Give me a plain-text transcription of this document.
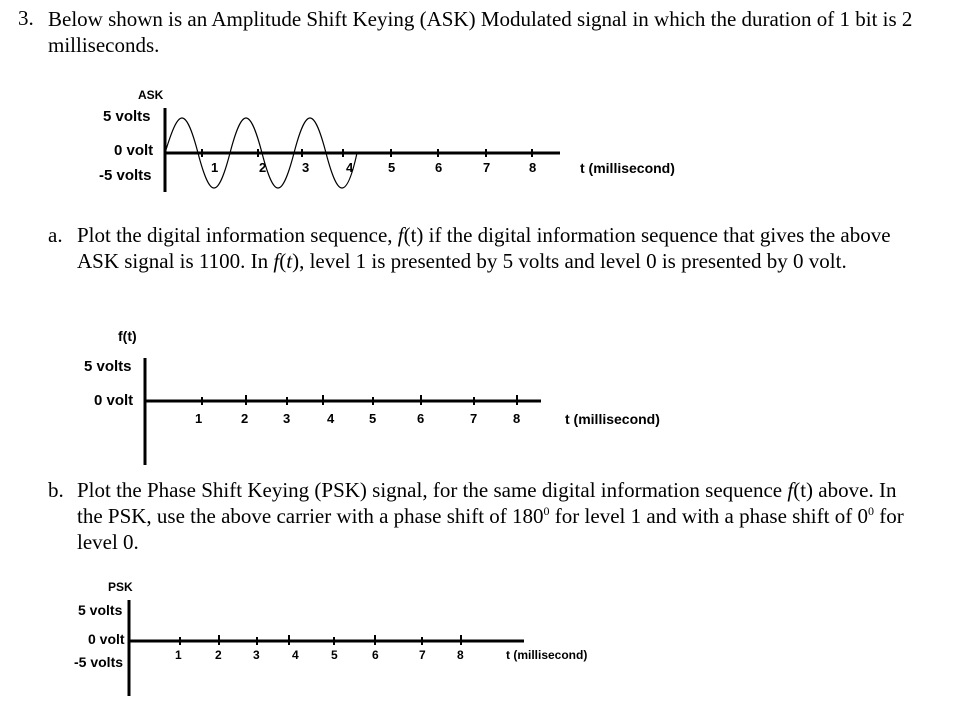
3. Below shown is an Amplitude Shift Keying (ASK) Modulated signal in which the duration of 1 bit is 2 milliseconds.
ASK
5 volts
0 volt
-5 volts	1	2	3	4	5	6	7	8	t (millisecond)
a. Plot the digital information sequence, f(t) if the digital information sequence that gives the above ASK signal is 1100. In f(t), level 1 is presented by 5 volts and level 0 is presented by 0 volt.
f(t)
5 volts
0 volt
1	2	3	4	5	6	7	8	t (millisecond)
b. Plot the Phase Shift Keying (PSK) signal, for the same digital information sequence f(t) above. In the PSK, use the above carrier with a phase shift of $180^0$ for level 1 and with a phase shift of $0^0$ for level 0.
PSK
5 volts
0 volt
-5 volts	1	2	3	4	5	6	7	8	t (millisecond)
